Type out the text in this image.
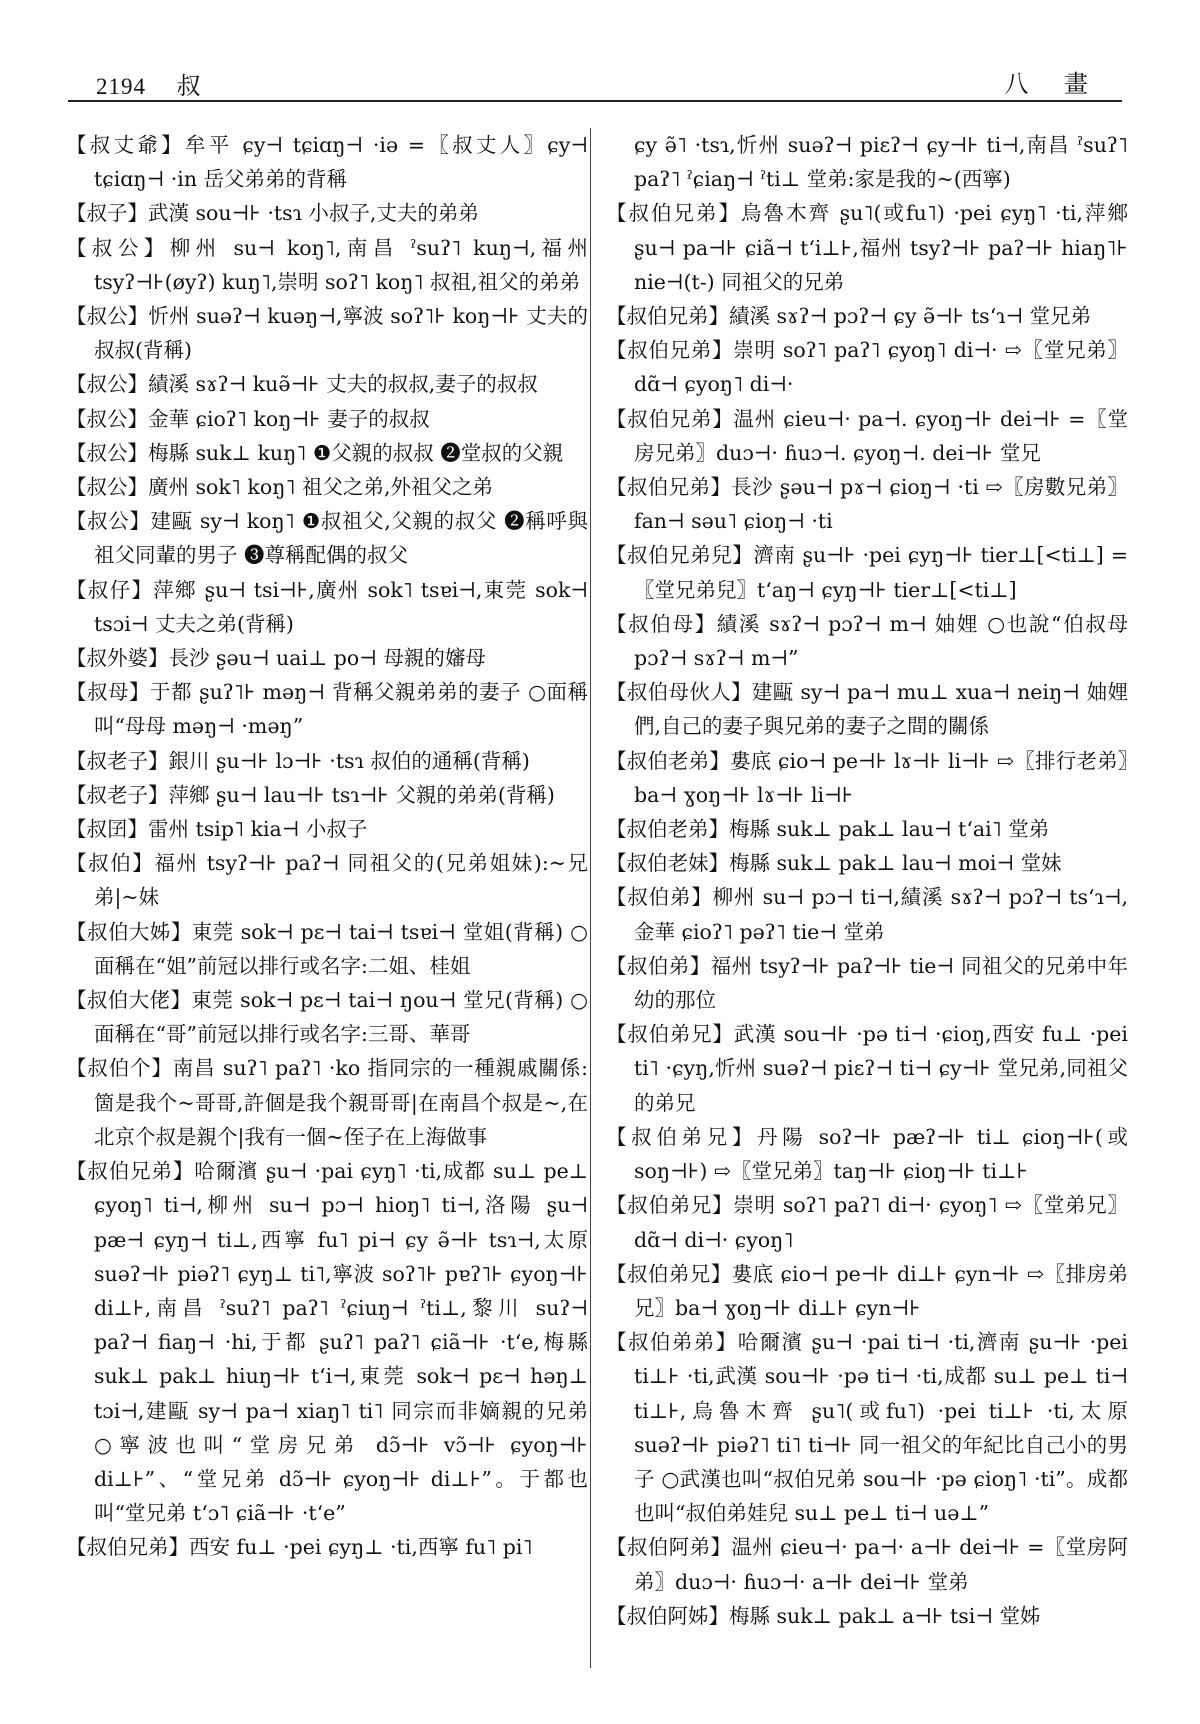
2194 叔	八 畫

【叔丈爺】牟平 ɕy⊣ tɕiɑŋ⊣ ·iə =〖叔丈人〗ɕy⊣ tɕiɑŋ⊣ ·in 岳父弟弟的背稱

【叔子】武漢 sou⊣⊦ ·tsɿ 小叔子,丈夫的弟弟

【叔公】柳州 su⊣ koŋ˥,南昌 ˀsuʔ˥ kuŋ⊣,福州 tsyʔ⊣⊦(øyʔ) kuŋ˥,崇明 soʔ˥ koŋ˥ 叔祖,祖父的弟弟

【叔公】忻州 suəʔ⊣ kuəŋ⊣,寧波 soʔ˥⊦ koŋ⊣⊦ 丈夫的叔叔(背稱)

【叔公】績溪 sɤʔ⊣ kuə̃⊣⊦ 丈夫的叔叔,妻子的叔叔

【叔公】金華 ɕioʔ˥ koŋ⊣⊦ 妻子的叔叔

【叔公】梅縣 suk⊥ kuŋ˥ ❶父親的叔叔 ❷堂叔的父親

【叔公】廣州 sok˥ koŋ˥ 祖父之弟,外祖父之弟

【叔公】建甌 sy⊣ koŋ˥ ❶叔祖父,父親的叔父 ❷稱呼與祖父同輩的男子 ❸尊稱配偶的叔父

【叔仔】萍鄉 ʂu⊣ tsi⊣⊦,廣州 sok˥ tsɐi⊣,東莞 sok⊣ tsɔi⊣ 丈夫之弟(背稱)

【叔外婆】長沙 ʂəu⊣ uai⊥ po⊣ 母親的嬸母

【叔母】于都 ʂuʔ˥⊦ məŋ⊣ 背稱父親弟弟的妻子 ○面稱叫“母母 məŋ⊣ ·məŋ”

【叔老子】銀川 ʂu⊣⊦ lɔ⊣⊦ ·tsɿ 叔伯的通稱(背稱)

【叔老子】萍鄉 ʂu⊣ lau⊣⊦ tsɿ⊣⊦ 父親的弟弟(背稱)

【叔囝】雷州 tsip˥ kia⊣ 小叔子

【叔伯】福州 tsyʔ⊣⊦ paʔ⊣ 同祖父的(兄弟姐妹):~兄弟|~妹

【叔伯大姊】東莞 sok⊣ pɛ⊣ tai⊣ tsɐi⊣ 堂姐(背稱) ○面稱在“姐”前冠以排行或名字:二姐、桂姐

【叔伯大佬】東莞 sok⊣ pɛ⊣ tai⊣ ŋou⊣ 堂兄(背稱) ○面稱在“哥”前冠以排行或名字:三哥、華哥

【叔伯个】南昌 suʔ˥ paʔ˥ ·ko 指同宗的一種親戚關係:箇是我个~哥哥,許個是我个親哥哥|在南昌个叔是~,在北京个叔是親个|我有一個~侄子在上海做事

【叔伯兄弟】哈爾濱 ʂu⊣ ·pai ɕyŋ˥ ·ti,成都 su⊥ pe⊥ ɕyoŋ˥ ti⊣,柳州 su⊣ pɔ⊣ hioŋ˥ ti⊣,洛陽 ʂu⊣ pæ⊣ ɕyŋ⊣ ti⊥,西寧 fu˥ pi⊣ ɕy ə̃⊣⊦ tsɿ⊣,太原 suəʔ⊣⊦ piəʔ˥ ɕyŋ⊥ ti˥,寧波 soʔ˥⊦ pɐʔ˥⊦ ɕyoŋ⊣⊦ di⊥⊦,南昌 ˀsuʔ˥ paʔ˥ ˀɕiuŋ⊣ ˀti⊥,黎川 suʔ⊣ paʔ⊣ fiaŋ⊣ ·hi,于都 ʂuʔ˥ paʔ˥ ɕiã⊣⊦ ·tʻe,梅縣 suk⊥ pak⊥ hiuŋ⊣⊦ tʻi⊣,東莞 sok⊣ pɛ⊣ həŋ⊥ tɔi⊣,建甌 sy⊣ pa⊣ xiaŋ˥ ti˥ 同宗而非嫡親的兄弟 ○寧波也叫“堂房兄弟 dɔ̃⊣⊦ vɔ̃⊣⊦ ɕyoŋ⊣⊦ di⊥⊦”、“堂兄弟 dɔ̃⊣⊦ ɕyoŋ⊣⊦ di⊥⊦”。于都也叫“堂兄弟 tʻɔ˥ ɕiã⊣⊦ ·tʻe”

【叔伯兄弟】西安 fu⊥ ·pei ɕyŋ⊥ ·ti,西寧 fu˥ pi˥

ɕy ə̃˥ ·tsɿ,忻州 suəʔ⊣ piɛʔ⊣ ɕy⊣⊦ ti⊣,南昌 ˀsuʔ˥ paʔ˥ ˀɕiaŋ⊣ ˀti⊥ 堂弟:家是我的~(西寧)

【叔伯兄弟】烏魯木齊 ʂu˥(或fu˥) ·pei ɕyŋ˥ ·ti,萍鄉 ʂu⊣ pa⊣⊦ ɕiã⊣ tʻi⊥⊦,福州 tsyʔ⊣⊦ paʔ⊣⊦ hiaŋ˥⊦ nie⊣(t-) 同祖父的兄弟

【叔伯兄弟】績溪 sɤʔ⊣ pɔʔ⊣ ɕy ə̃⊣⊦ tsʻɿ⊣ 堂兄弟

【叔伯兄弟】崇明 soʔ˥ paʔ˥ ɕyoŋ˥ di⊣· ⇨〖堂兄弟〗dɑ̃⊣ ɕyoŋ˥ di⊣·

【叔伯兄弟】温州 ɕieu⊣· pa⊣. ɕyoŋ⊣⊦ dei⊣⊦ =〖堂房兄弟〗duɔ⊣· ɦuɔ⊣. ɕyoŋ⊣. dei⊣⊦ 堂兄

【叔伯兄弟】長沙 ʂəu⊣ pɤ⊣ ɕioŋ⊣ ·ti ⇨〖房數兄弟〗fan⊣ səu˥ ɕioŋ⊣ ·ti

【叔伯兄弟兒】濟南 ʂu⊣⊦ ·pei ɕyŋ⊣⊦ tier⊥[<ti⊥] =〖堂兄弟兒〗tʻaŋ⊣ ɕyŋ⊣⊦ tier⊥[<ti⊥]

【叔伯母】績溪 sɤʔ⊣ pɔʔ⊣ m⊣ 妯娌 ○也說“伯叔母 pɔʔ⊣ sɤʔ⊣ m⊣”

【叔伯母伙人】建甌 sy⊣ pa⊣ mu⊥ xua⊣ neiŋ⊣ 妯娌們,自己的妻子與兄弟的妻子之間的關係

【叔伯老弟】婁底 ɕio⊣ pe⊣⊦ lɤ⊣⊦ li⊣⊦ ⇨〖排行老弟〗ba⊣ ɣoŋ⊣⊦ lɤ⊣⊦ li⊣⊦

【叔伯老弟】梅縣 suk⊥ pak⊥ lau⊣ tʻai˥ 堂弟

【叔伯老妹】梅縣 suk⊥ pak⊥ lau⊣ moi⊣ 堂妹

【叔伯弟】柳州 su⊣ pɔ⊣ ti⊣,績溪 sɤʔ⊣ pɔʔ⊣ tsʻɿ⊣,金華 ɕioʔ˥ pəʔ˥ tie⊣ 堂弟

【叔伯弟】福州 tsyʔ⊣⊦ paʔ⊣⊦ tie⊣ 同祖父的兄弟中年幼的那位

【叔伯弟兄】武漢 sou⊣⊦ ·pə ti⊣ ·ɕioŋ,西安 fu⊥ ·pei ti˥ ·ɕyŋ,忻州 suəʔ⊣ piɛʔ⊣ ti⊣ ɕy⊣⊦ 堂兄弟,同祖父的弟兄

【叔伯弟兄】丹陽 soʔ⊣⊦ pæʔ⊣⊦ ti⊥ ɕioŋ⊣⊦(或soŋ⊣⊦) ⇨〖堂兄弟〗taŋ⊣⊦ ɕioŋ⊣⊦ ti⊥⊦

【叔伯弟兄】崇明 soʔ˥ paʔ˥ di⊣· ɕyoŋ˥ ⇨〖堂弟兄〗dɑ̃⊣ di⊣· ɕyoŋ˥

【叔伯弟兄】婁底 ɕio⊣ pe⊣⊦ di⊥⊦ ɕyn⊣⊦ ⇨〖排房弟兄〗ba⊣ ɣoŋ⊣⊦ di⊥⊦ ɕyn⊣⊦

【叔伯弟弟】哈爾濱 ʂu⊣ ·pai ti⊣ ·ti,濟南 ʂu⊣⊦ ·pei ti⊥⊦ ·ti,武漢 sou⊣⊦ ·pə ti⊣ ·ti,成都 su⊥ pe⊥ ti⊣ ti⊥⊦,烏魯木齊 ʂu˥(或fu˥) ·pei ti⊥⊦ ·ti,太原 suəʔ⊣⊦ piəʔ˥ ti˥ ti⊣⊦ 同一祖父的年紀比自己小的男子 ○武漢也叫“叔伯兄弟 sou⊣⊦ ·pə ɕioŋ˥ ·ti”。成都也叫“叔伯弟娃兒 su⊥ pe⊥ ti⊣ uə⊥”

【叔伯阿弟】温州 ɕieu⊣· pa⊣· a⊣⊦ dei⊣⊦ =〖堂房阿弟〗duɔ⊣· ɦuɔ⊣· a⊣⊦ dei⊣⊦ 堂弟

【叔伯阿姊】梅縣 suk⊥ pak⊥ a⊣⊦ tsi⊣ 堂姊
